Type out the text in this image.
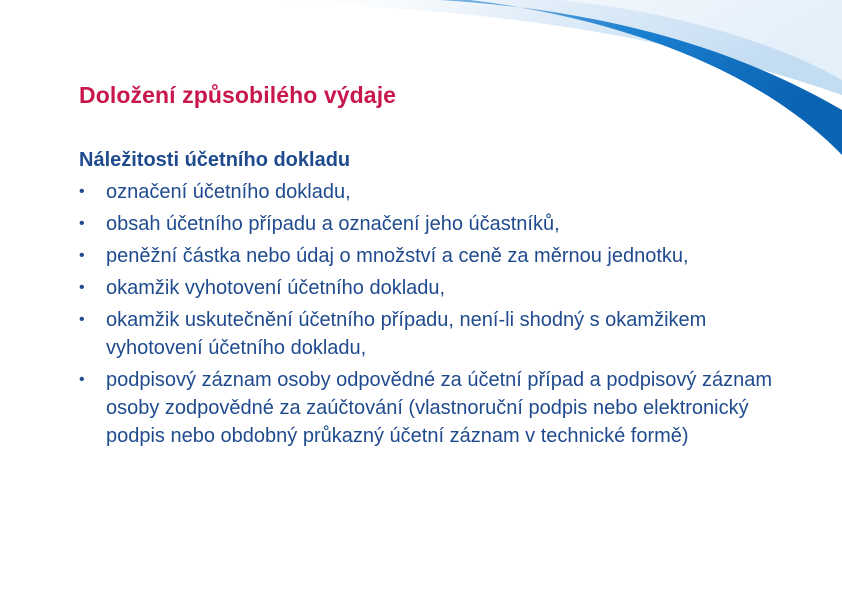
Doložení způsobilého výdaje

Náležitosti účetního dokladu

•	označení účetního dokladu,
•	obsah účetního případu a označení jeho účastníků,
•	peněžní částka nebo údaj o množství a ceně za měrnou jednotku,
•	okamžik vyhotovení účetního dokladu,
•	okamžik uskutečnění účetního případu, není-li shodný s okamžikem vyhotovení účetního dokladu,
•	podpisový záznam osoby odpovědné za účetní případ a podpisový záznam osoby zodpovědné za zaúčtování (vlastnoruční podpis nebo elektronický podpis nebo obdobný průkazný účetní záznam v technické formě)
